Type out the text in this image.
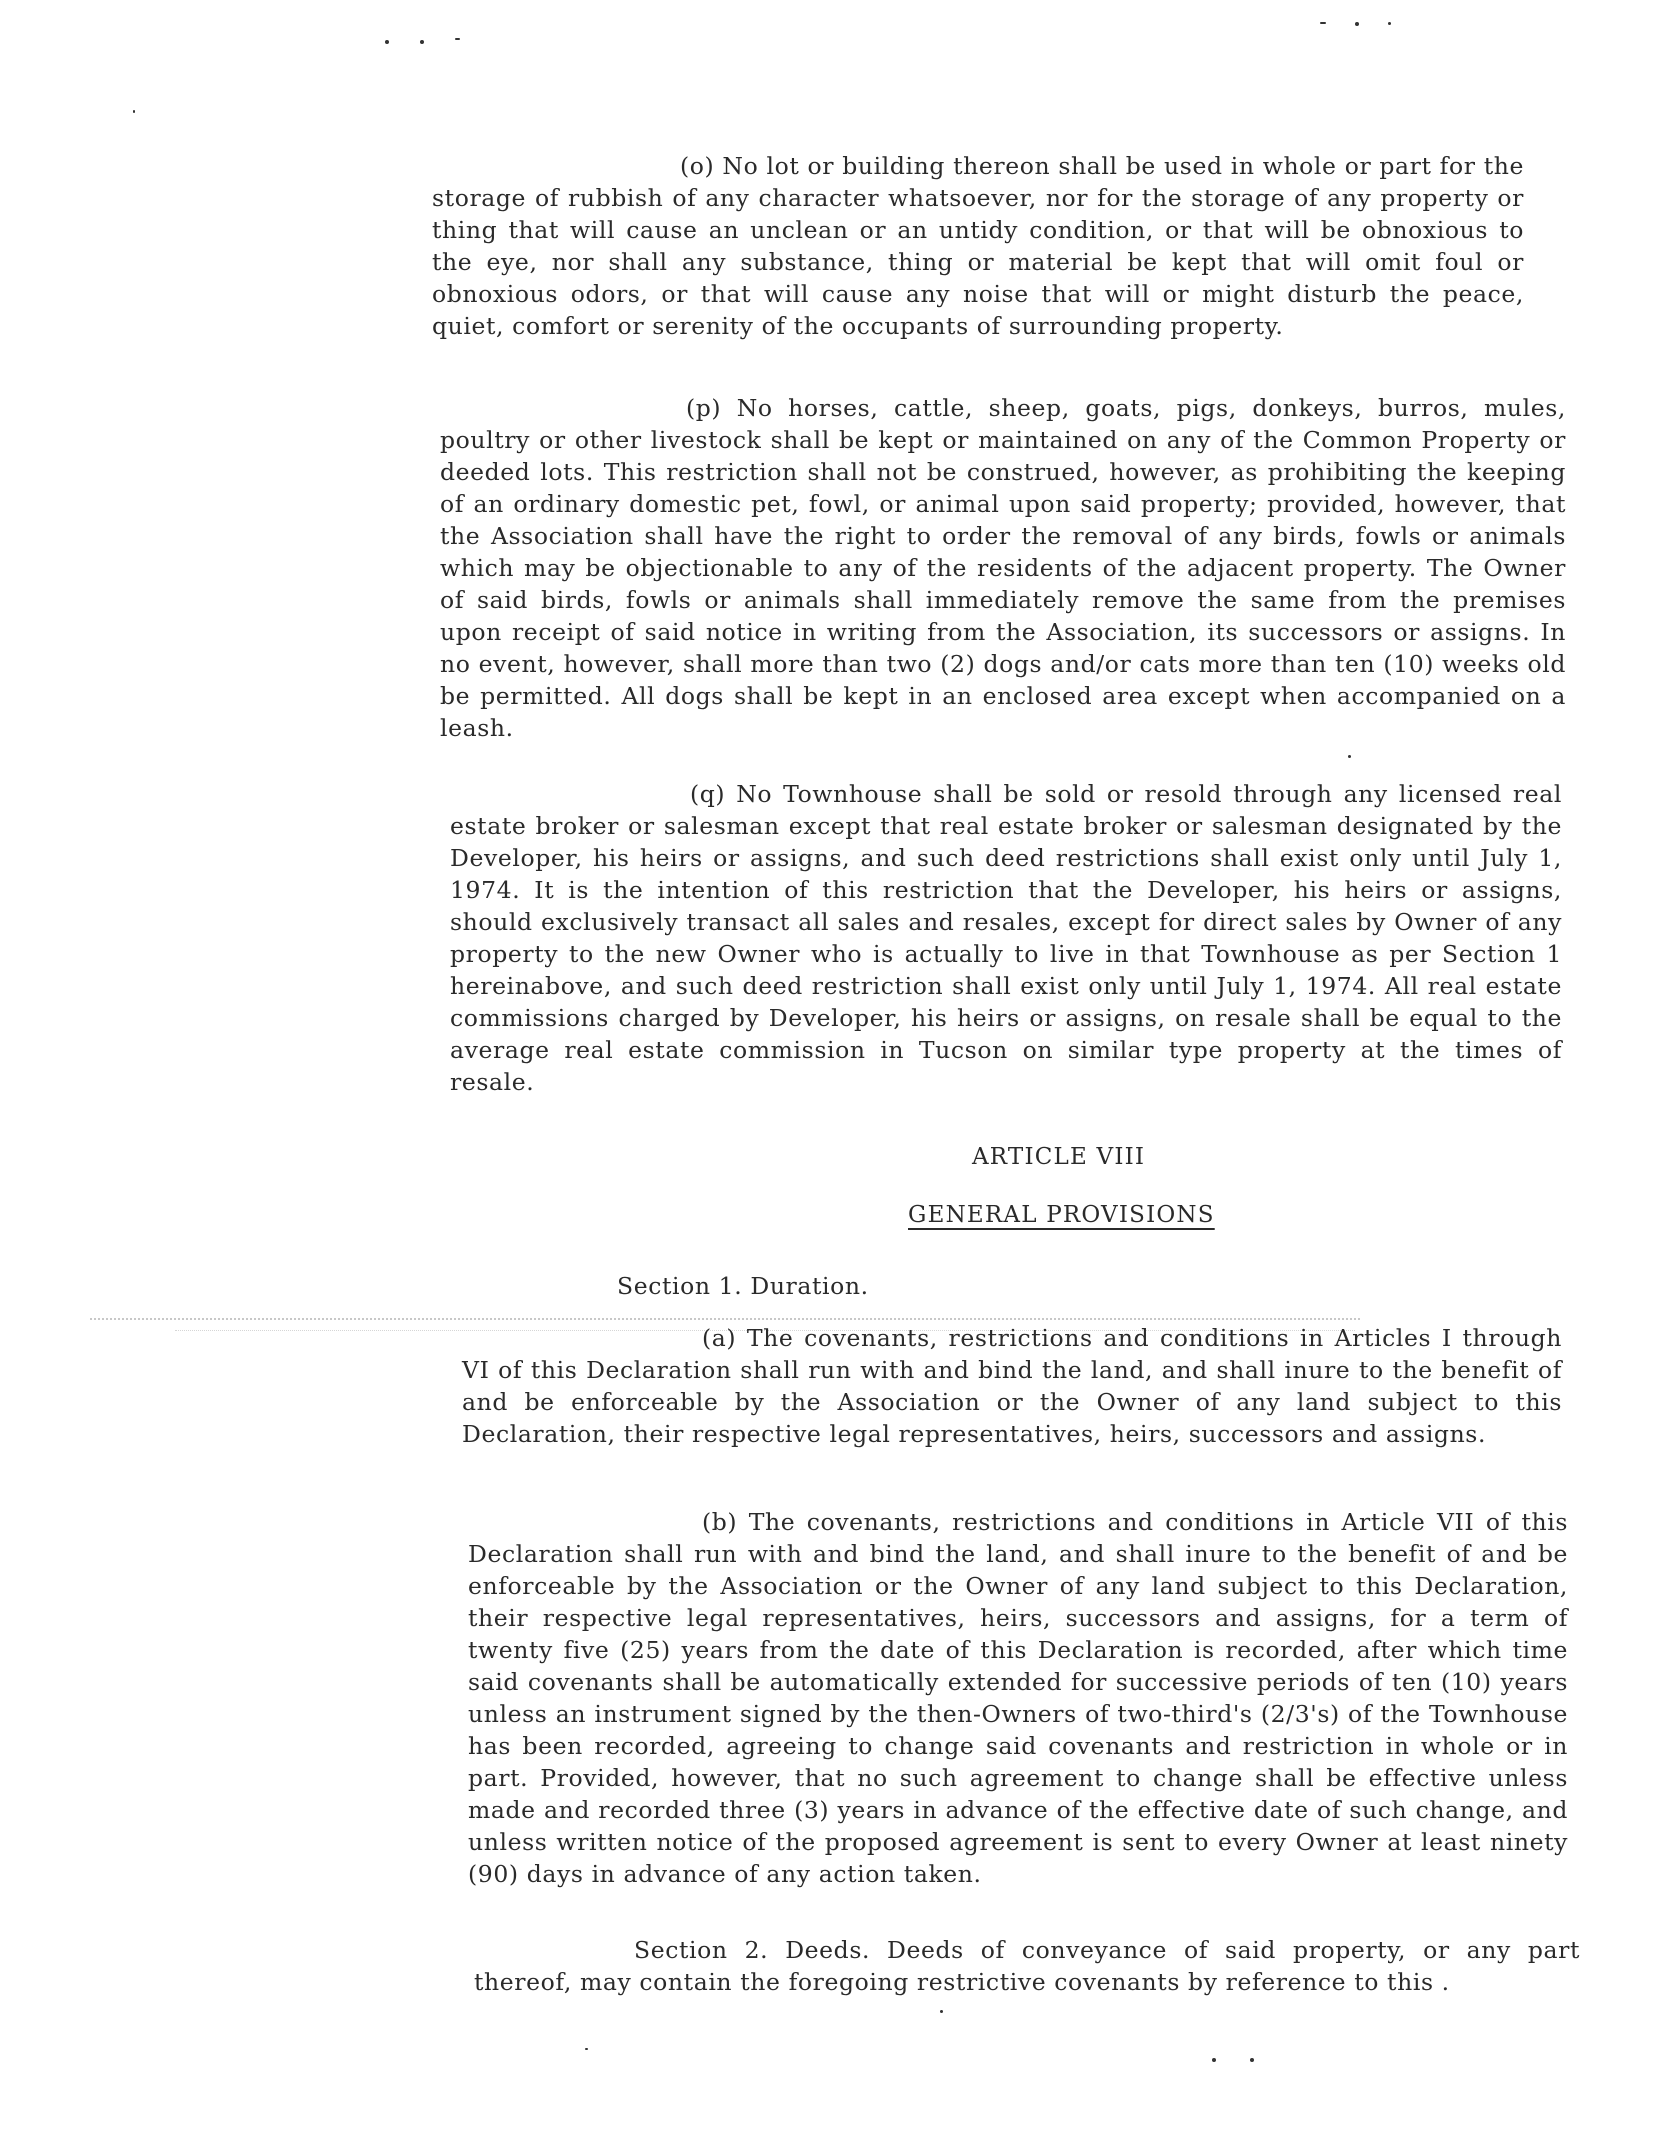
(o) No lot or building thereon shall be used in whole or part for the storage of rubbish of any character whatsoever, nor for the storage of any property or thing that will cause an unclean or an untidy condition, or that will be obnoxious to the eye, nor shall any substance, thing or material be kept that will omit foul or obnoxious odors, or that will cause any noise that will or might disturb the peace, quiet, comfort or serenity of the occupants of surrounding property.

(p) No horses, cattle, sheep, goats, pigs, donkeys, burros, mules, poultry or other livestock shall be kept or maintained on any of the Common Property or deeded lots. This restriction shall not be construed, however, as prohibiting the keeping of an ordinary domestic pet, fowl, or animal upon said property; provided, however, that the Association shall have the right to order the removal of any birds, fowls or animals which may be objectionable to any of the residents of the adjacent property. The Owner of said birds, fowls or animals shall immediately remove the same from the premises upon receipt of said notice in writing from the Association, its successors or assigns. In no event, however, shall more than two (2) dogs and/or cats more than ten (10) weeks old be permitted. All dogs shall be kept in an enclosed area except when accompanied on a leash.

(q) No Townhouse shall be sold or resold through any licensed real estate broker or salesman except that real estate broker or salesman designated by the Developer, his heirs or assigns, and such deed restrictions shall exist only until July 1, 1974. It is the intention of this restriction that the Developer, his heirs or assigns, should exclusively transact all sales and resales, except for direct sales by Owner of any property to the new Owner who is actually to live in that Townhouse as per Section 1 hereinabove, and such deed restriction shall exist only until July 1, 1974. All real estate commissions charged by Developer, his heirs or assigns, on resale shall be equal to the average real estate commission in Tucson on similar type property at the times of resale.

ARTICLE VIII

GENERAL PROVISIONS

Section 1. Duration.

(a) The covenants, restrictions and conditions in Articles I through VI of this Declaration shall run with and bind the land, and shall inure to the benefit of and be enforceable by the Association or the Owner of any land subject to this Declaration, their respective legal representatives, heirs, successors and assigns.

(b) The covenants, restrictions and conditions in Article VII of this Declaration shall run with and bind the land, and shall inure to the benefit of and be enforceable by the Association or the Owner of any land subject to this Declaration, their respective legal representatives, heirs, successors and assigns, for a term of twenty five (25) years from the date of this Declaration is recorded, after which time said covenants shall be automatically extended for successive periods of ten (10) years unless an instrument signed by the then-Owners of two-third's (2/3's) of the Townhouse has been recorded, agreeing to change said covenants and restriction in whole or in part. Provided, however, that no such agreement to change shall be effective unless made and recorded three (3) years in advance of the effective date of such change, and unless written notice of the proposed agreement is sent to every Owner at least ninety (90) days in advance of any action taken.

Section 2. Deeds. Deeds of conveyance of said property, or any part thereof, may contain the foregoing restrictive covenants by reference to this .
